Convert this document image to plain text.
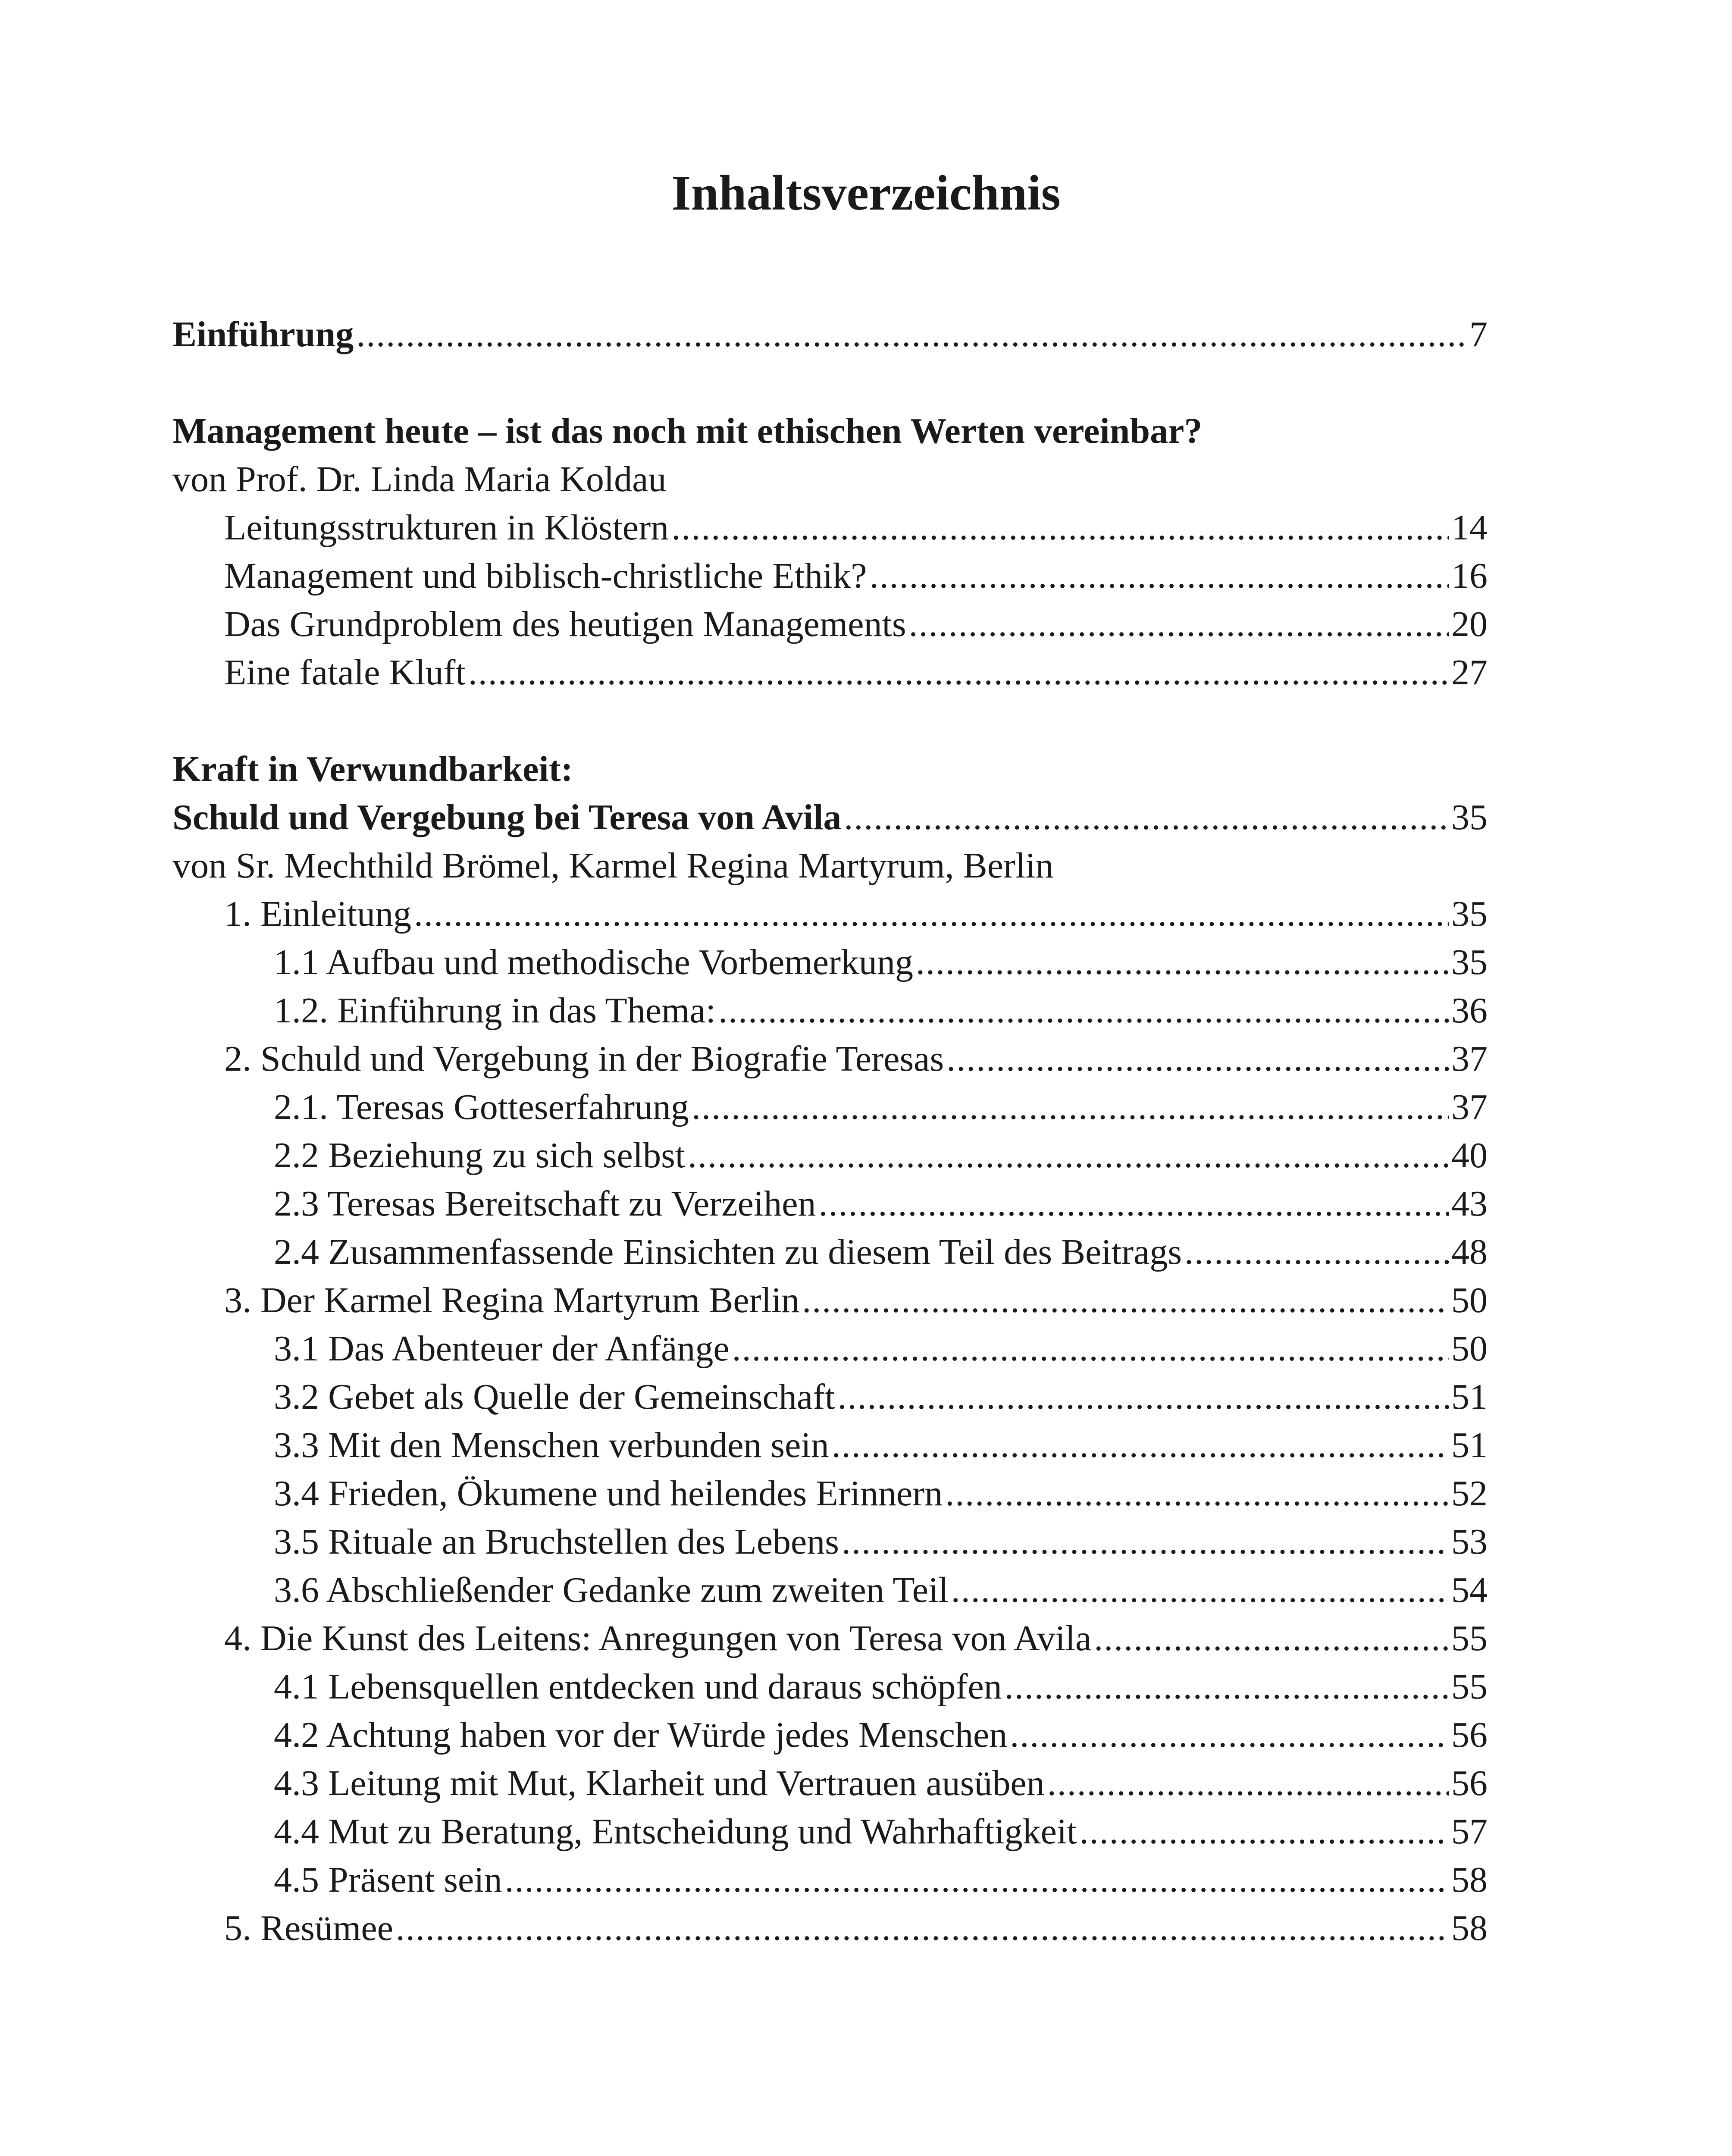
Inhaltsverzeichnis
Einführung .....	7
Management heute – ist das noch mit ethischen Werten vereinbar?
von Prof. Dr. Linda Maria Koldau
Leitungsstrukturen in Klöstern .....	14
Management und biblisch-christliche Ethik? .....	16
Das Grundproblem des heutigen Managements .....	20
Eine fatale Kluft .....	27
Kraft in Verwundbarkeit:
Schuld und Vergebung bei Teresa von Avila .....	35
von Sr. Mechthild Brömel, Karmel Regina Martyrum, Berlin
1. Einleitung .....	35
1.1 Aufbau und methodische Vorbemerkung .....	35
1.2. Einführung in das Thema: .....	36
2. Schuld und Vergebung in der Biografie Teresas .....	37
2.1. Teresas Gotteserfahrung .....	37
2.2 Beziehung zu sich selbst .....	40
2.3 Teresas Bereitschaft zu Verzeihen .....	43
2.4 Zusammenfassende Einsichten zu diesem Teil des Beitrags .....	48
3. Der Karmel Regina Martyrum Berlin .....	50
3.1 Das Abenteuer der Anfänge .....	50
3.2 Gebet als Quelle der Gemeinschaft .....	51
3.3 Mit den Menschen verbunden sein .....	51
3.4 Frieden, Ökumene und heilendes Erinnern .....	52
3.5 Rituale an Bruchstellen des Lebens .....	53
3.6 Abschließender Gedanke zum zweiten Teil .....	54
4. Die Kunst des Leitens: Anregungen von Teresa von Avila .....	55
4.1 Lebensquellen entdecken und daraus schöpfen .....	55
4.2 Achtung haben vor der Würde jedes Menschen .....	56
4.3 Leitung mit Mut, Klarheit und Vertrauen ausüben .....	56
4.4 Mut zu Beratung, Entscheidung und Wahrhaftigkeit .....	57
4.5 Präsent sein .....	58
5. Resümee .....	58
